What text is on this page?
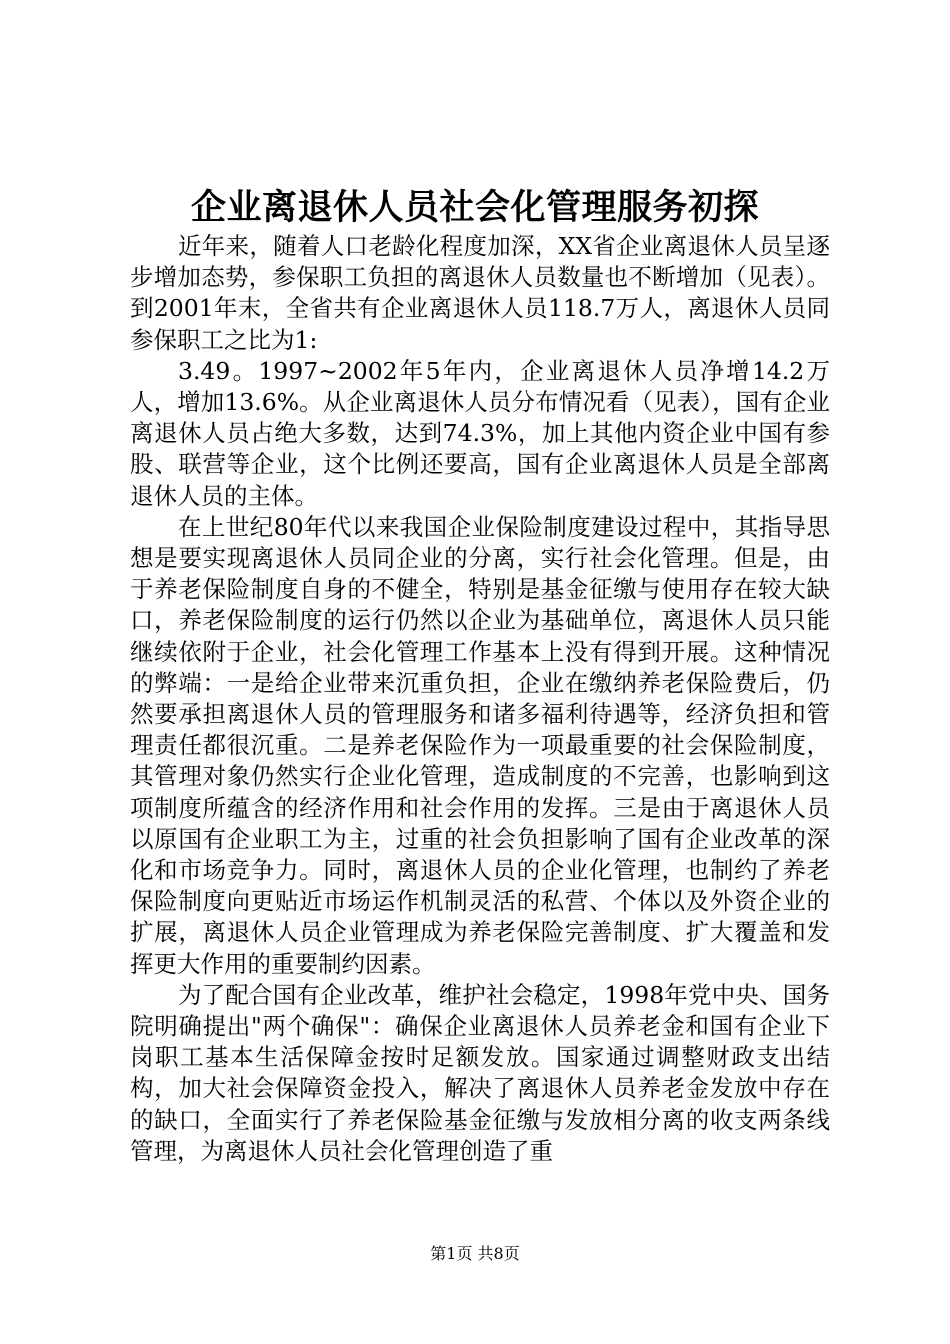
企业离退休人员社会化管理服务初探

近年来，随着人口老龄化程度加深，XX省企业离退休人员呈逐步增加态势，参保职工负担的离退休人员数量也不断增加（见表）。到2001年末，全省共有企业离退休人员118.7万人，离退休人员同参保职工之比为1:

3.49。1997~2002年5年内，企业离退休人员净增14.2万人，增加13.6%。从企业离退休人员分布情况看（见表），国有企业离退休人员占绝大多数，达到74.3%，加上其他内资企业中国有参股、联营等企业，这个比例还要高，国有企业离退休人员是全部离退休人员的主体。

在上世纪80年代以来我国企业保险制度建设过程中，其指导思想是要实现离退休人员同企业的分离，实行社会化管理。但是，由于养老保险制度自身的不健全，特别是基金征缴与使用存在较大缺口，养老保险制度的运行仍然以企业为基础单位，离退休人员只能继续依附于企业，社会化管理工作基本上没有得到开展。这种情况的弊端：一是给企业带来沉重负担，企业在缴纳养老保险费后，仍然要承担离退休人员的管理服务和诸多福利待遇等，经济负担和管理责任都很沉重。二是养老保险作为一项最重要的社会保险制度，其管理对象仍然实行企业化管理，造成制度的不完善，也影响到这项制度所蕴含的经济作用和社会作用的发挥。三是由于离退休人员以原国有企业职工为主，过重的社会负担影响了国有企业改革的深化和市场竞争力。同时，离退休人员的企业化管理，也制约了养老保险制度向更贴近市场运作机制灵活的私营、个体以及外资企业的扩展，离退休人员企业管理成为养老保险完善制度、扩大覆盖和发挥更大作用的重要制约因素。

为了配合国有企业改革，维护社会稳定，1998年党中央、国务院明确提出"两个确保"：确保企业离退休人员养老金和国有企业下岗职工基本生活保障金按时足额发放。国家通过调整财政支出结构，加大社会保障资金投入，解决了离退休人员养老金发放中存在的缺口，全面实行了养老保险基金征缴与发放相分离的收支两条线管理，为离退休人员社会化管理创造了重

第1页 共8页
